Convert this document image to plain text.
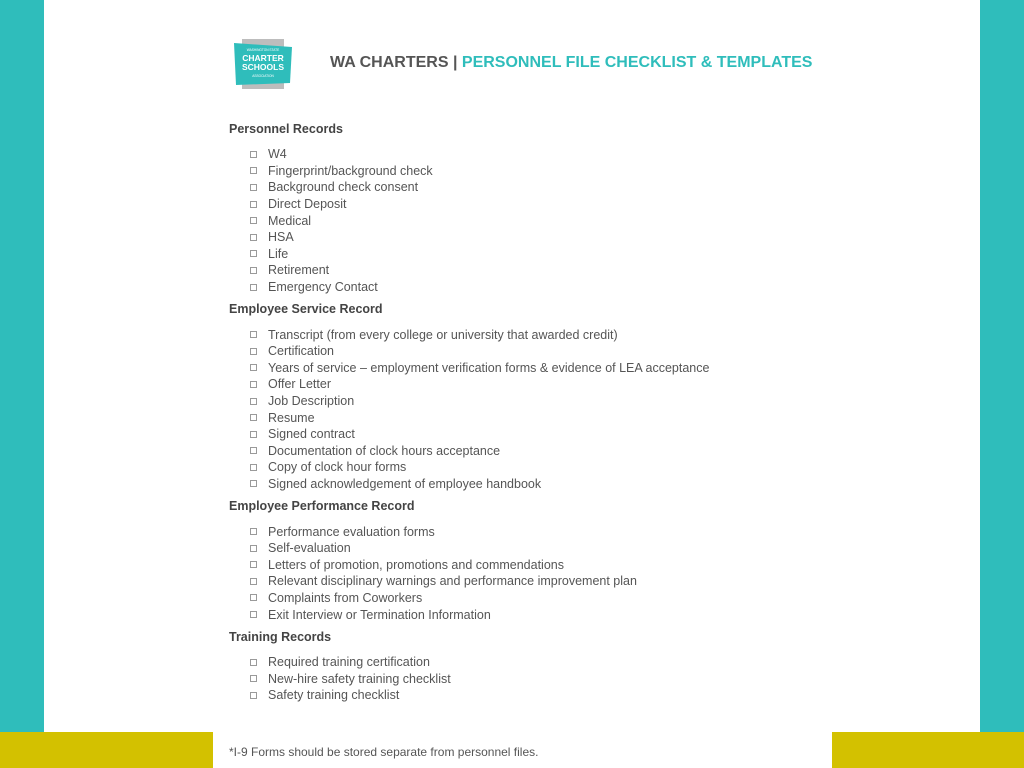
WASHINGTON STATE
CHARTER
SCHOOLS
ASSOCIATION
WA CHARTERS | PERSONNEL FILE CHECKLIST & TEMPLATES
Personnel Records
W4
Fingerprint/background check
Background check consent
Direct Deposit
Medical
HSA
Life
Retirement
Emergency Contact
Employee Service Record
Transcript (from every college or university that awarded credit)
Certification
Years of service – employment verification forms & evidence of LEA acceptance
Offer Letter
Job Description
Resume
Signed contract
Documentation of clock hours acceptance
Copy of clock hour forms
Signed acknowledgement of employee handbook
Employee Performance Record
Performance evaluation forms
Self-evaluation
Letters of promotion, promotions and commendations
Relevant disciplinary warnings and performance improvement plan
Complaints from Coworkers
Exit Interview or Termination Information
Training Records
Required training certification
New-hire safety training checklist
Safety training checklist
*I-9 Forms should be stored separate from personnel files.
